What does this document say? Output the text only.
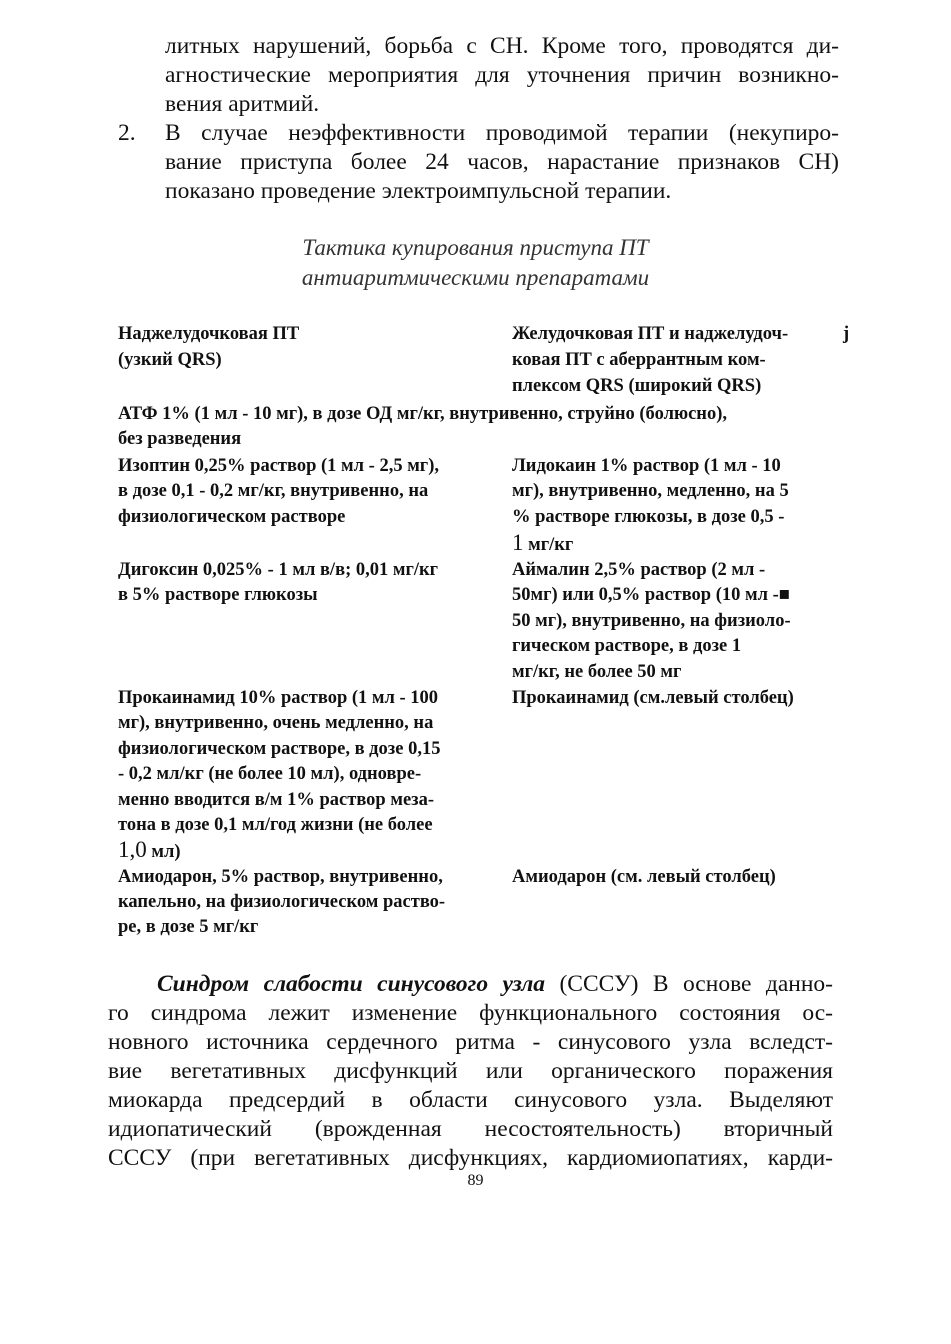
литных нарушений, борьба с СН. Кроме того, проводятся ди-
агностические мероприятия для уточнения причин возникно-
вения аритмий.
2. В случае неэффективности проводимой терапии (некупиро-
вание приступа более 24 часов, нарастание признаков СН)
показано проведение электроимпульсной терапии.
Тактика купирования приступа ПТ
антиаритмическими препаратами
Наджелудочковая ПТ
(узкий QRS)
Желудочковая ПТ и наджелудоч-
ковая ПТ с аберрантным ком-
плексом QRS (широкий QRS)
j
АТФ 1% (1 мл - 10 мг), в дозе ОД мг/кг, внутривенно, струйно (болюсно),
без разведения
Изоптин 0,25% раствор (1 мл - 2,5 мг),
в дозе 0,1 - 0,2 мг/кг, внутривенно, на
физиологическом растворе
Лидокаин 1% раствор (1 мл - 10
мг), внутривенно, медленно, на 5
% растворе глюкозы, в дозе 0,5 -
1 мг/кг
Дигоксин 0,025% - 1 мл в/в; 0,01 мг/кг
в 5% растворе глюкозы
Аймалин 2,5% раствор (2 мл -
50мг) или 0,5% раствор (10 мл -■
50 мг), внутривенно, на физиоло-
гическом растворе, в дозе 1
мг/кг, не более 50 мг
Прокаинамид 10% раствор (1 мл - 100
мг), внутривенно, очень медленно, на
физиологическом растворе, в дозе 0,15
- 0,2 мл/кг (не более 10 мл), одновре-
менно вводится в/м 1% раствор меза-
тона в дозе 0,1 мл/год жизни (не более
1,0 мл)
Прокаинамид (см.левый столбец)
Амиодарон, 5% раствор, внутривенно,
капельно, на физиологическом раство-
ре, в дозе 5 мг/кг
Амиодарон (см. левый столбец)
Синдром слабости синусового узла (СССУ) В основе данно-
го синдрома лежит изменение функционального состояния ос-
новного источника сердечного ритма - синусового узла вследст-
вие вегетативных дисфункций или органического поражения
миокарда предсердий в области синусового узла. Выделяют
идиопатический (врожденная несостоятельность) вторичный
СССУ (при вегетативных дисфункциях, кардиомиопатиях, карди-
89
